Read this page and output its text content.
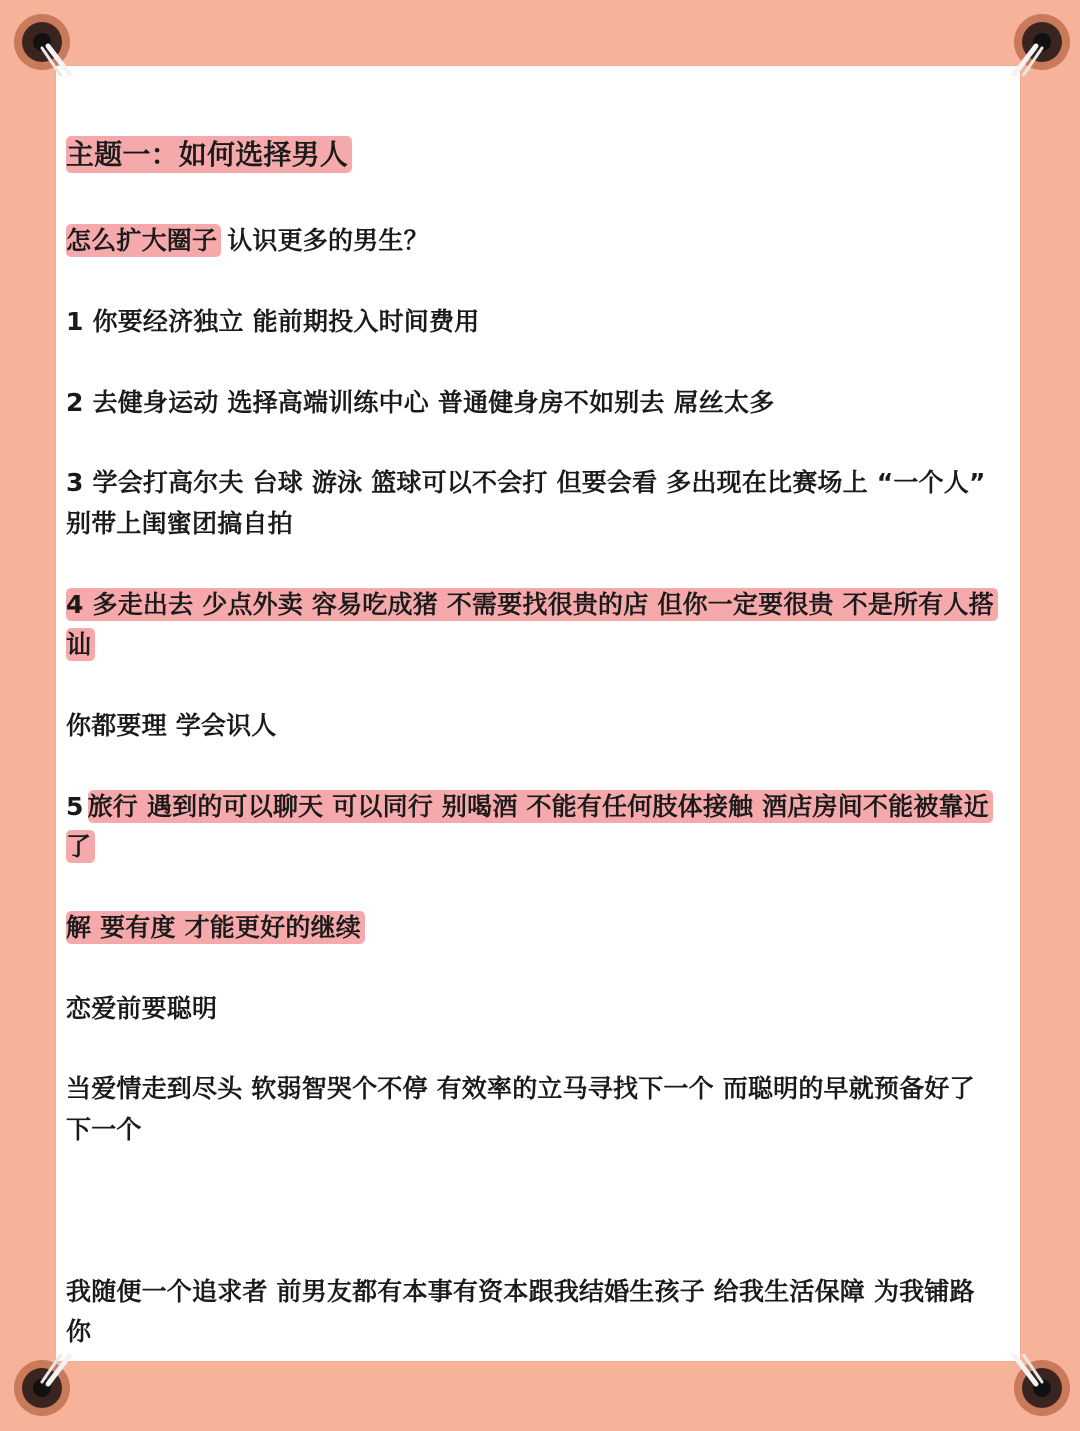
主题一：如何选择男人
怎么扩大圈子 认识更多的男生？
1 你要经济独立 能前期投入时间费用
2 去健身运动 选择高端训练中心 普通健身房不如别去 屌丝太多
3 学会打高尔夫 台球 游泳 篮球可以不会打 但要会看 多出现在比赛场上 “一个人”
别带上闺蜜团搞自拍
4 多走出去 少点外卖 容易吃成猪 不需要找很贵的店 但你一定要很贵 不是所有人搭
讪
你都要理 学会识人
5 旅行 遇到的可以聊天 可以同行 别喝酒 不能有任何肢体接触 酒店房间不能被靠近
了
解 要有度 才能更好的继续
恋爱前要聪明
当爱情走到尽头 软弱智哭个不停 有效率的立马寻找下一个 而聪明的早就预备好了
下一个
我随便一个追求者 前男友都有本事有资本跟我结婚生孩子 给我生活保障 为我铺路
你
